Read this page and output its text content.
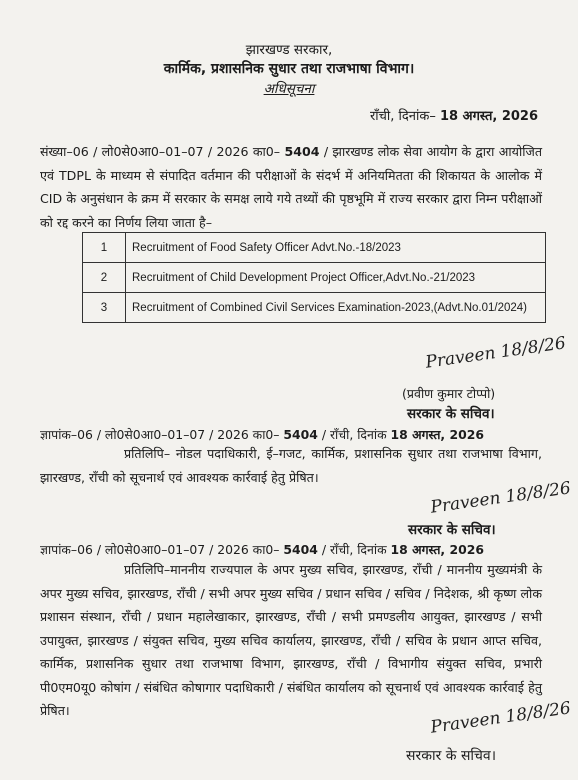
झारखण्ड सरकार,
कार्मिक, प्रशासनिक सुधार तथा राजभाषा विभाग।
अधिसूचना
राँची, दिनांक– 18 अगस्त, 2026
संख्या–06 / लो0से0आ0–01–07 / 2026 का0– 5404 / झारखण्ड लोक सेवा आयोग के द्वारा आयोजित एवं TDPL के माध्यम से संपादित वर्तमान की परीक्षाओं के संदर्भ में अनियमितता की शिकायत के आलोक में CID के अनुसंधान के क्रम में सरकार के समक्ष लाये गये तथ्यों की पृष्ठभूमि में राज्य सरकार द्वारा निम्न परीक्षाओं को रद्द करने का निर्णय लिया जाता है–
1	Recruitment of Food Safety Officer Advt.No.-18/2023
2	Recruitment of Child Development Project Officer,Advt.No.-21/2023
3	Recruitment of Combined Civil Services Examination-2023,(Advt.No.01/2024)
Praveen 18/8/26
(प्रवीण कुमार टोप्पो)
सरकार के सचिव।
ज्ञापांक–06 / लो0से0आ0–01–07 / 2026 का0– 5404 / राँची, दिनांक 18 अगस्त, 2026
प्रतिलिपि– नोडल पदाधिकारी, ई–गजट, कार्मिक, प्रशासनिक सुधार तथा राजभाषा विभाग, झारखण्ड, राँची को सूचनार्थ एवं आवश्यक कार्रवाई हेतु प्रेषित।
Praveen 18/8/26
सरकार के सचिव।
ज्ञापांक–06 / लो0से0आ0–01–07 / 2026 का0– 5404 / राँची, दिनांक 18 अगस्त, 2026
प्रतिलिपि–माननीय राज्यपाल के अपर मुख्य सचिव, झारखण्ड, राँची / माननीय मुख्यमंत्री के अपर मुख्य सचिव, झारखण्ड, राँची / सभी अपर मुख्य सचिव / प्रधान सचिव / सचिव / निदेशक, श्री कृष्ण लोक प्रशासन संस्थान, राँची / प्रधान महालेखाकार, झारखण्ड, राँची / सभी प्रमण्डलीय आयुक्त, झारखण्ड / सभी उपायुक्त, झारखण्ड / संयुक्त सचिव, मुख्य सचिव कार्यालय, झारखण्ड, राँची / सचिव के प्रधान आप्त सचिव, कार्मिक, प्रशासनिक सुधार तथा राजभाषा विभाग, झारखण्ड, राँची / विभागीय संयुक्त सचिव, प्रभारी पी0एम0यू0 कोषांग / संबंधित कोषागार पदाधिकारी / संबंधित कार्यालय को सूचनार्थ एवं आवश्यक कार्रवाई हेतु प्रेषित।	Praveen 18/8/26
सरकार के सचिव।
